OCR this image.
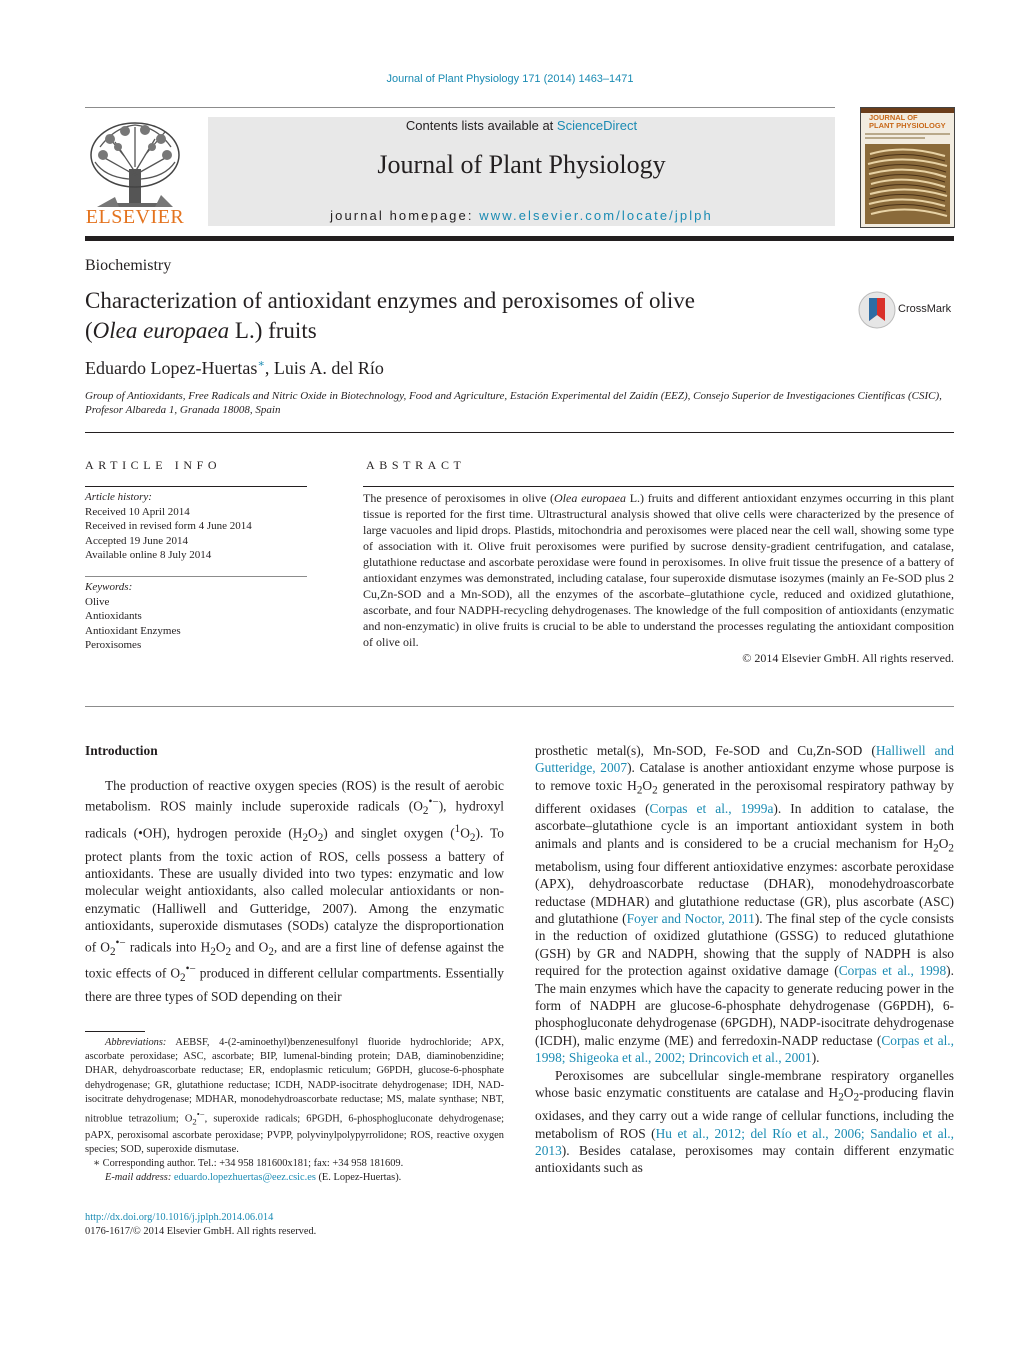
Journal of Plant Physiology 171 (2014) 1463–1471
ELSEVIER
Contents lists available at ScienceDirect
Journal of Plant Physiology
journal homepage: www.elsevier.com/locate/jplph
JOURNAL OF
PLANT PHYSIOLOGY
Biochemistry
Characterization of antioxidant enzymes and peroxisomes of olive
(Olea europaea L.) fruits
CrossMark
Eduardo Lopez-Huertas∗, Luis A. del Río
Group of Antioxidants, Free Radicals and Nitric Oxide in Biotechnology, Food and Agriculture, Estación Experimental del Zaidín (EEZ), Consejo Superior de Investigaciones Científicas (CSIC), Profesor Albareda 1, Granada 18008, Spain
ARTICLE INFO
Article history:
Received 10 April 2014
Received in revised form 4 June 2014
Accepted 19 June 2014
Available online 8 July 2014
Keywords:
Olive
Antioxidants
Antioxidant Enzymes
Peroxisomes
ABSTRACT
The presence of peroxisomes in olive (Olea europaea L.) fruits and different antioxidant enzymes occurring in this plant tissue is reported for the first time. Ultrastructural analysis showed that olive cells were characterized by the presence of large vacuoles and lipid drops. Plastids, mitochondria and peroxisomes were placed near the cell wall, showing some type of association with it. Olive fruit peroxisomes were purified by sucrose density-gradient centrifugation, and catalase, glutathione reductase and ascorbate peroxidase were found in peroxisomes. In olive fruit tissue the presence of a battery of antioxidant enzymes was demonstrated, including catalase, four superoxide dismutase isozymes (mainly an Fe-SOD plus 2 Cu,Zn-SOD and a Mn-SOD), all the enzymes of the ascorbate–glutathione cycle, reduced and oxidized glutathione, ascorbate, and four NADPH-recycling dehydrogenases. The knowledge of the full composition of antioxidants (enzymatic and non-enzymatic) in olive fruits is crucial to be able to understand the processes regulating the antioxidant composition of olive oil.
© 2014 Elsevier GmbH. All rights reserved.
Introduction

The production of reactive oxygen species (ROS) is the result of aerobic metabolism. ROS mainly include superoxide radicals $(O_2^{•-})$, hydroxyl radicals (•OH), hydrogen peroxide $(H_2O_2)$ and singlet oxygen $(^1O_2)$. To protect plants from the toxic action of ROS, cells possess a battery of antioxidants. These are usually divided into two types: enzymatic and low molecular weight antioxidants, also called molecular antioxidants or non-enzymatic (Halliwell and Gutteridge, 2007). Among the enzymatic antioxidants, superoxide dismutases (SODs) catalyze the disproportionation of $O_2^{•-}$ radicals into $H_2O_2$ and $O_2$, and are a first line of defense against the toxic effects of $O_2^{•-}$ produced in different cellular compartments. Essentially there are three types of SOD depending on their

prosthetic metal(s), Mn-SOD, Fe-SOD and Cu,Zn-SOD (Halliwell and Gutteridge, 2007). Catalase is another antioxidant enzyme whose purpose is to remove toxic $H_2O_2$ generated in the peroxisomal respiratory pathway by different oxidases (Corpas et al., 1999a). In addition to catalase, the ascorbate–glutathione cycle is an important antioxidant system in both animals and plants and is considered to be a crucial mechanism for $H_2O_2$ metabolism, using four different antioxidative enzymes: ascorbate peroxidase (APX), dehydroascorbate reductase (DHAR), monodehydroascorbate reductase (MDHAR) and glutathione reductase (GR), plus ascorbate (ASC) and glutathione (Foyer and Noctor, 2011). The final step of the cycle consists in the reduction of oxidized glutathione (GSSG) to reduced glutathione (GSH) by GR and NADPH, showing that the supply of NADPH is also required for the protection against oxidative damage (Corpas et al., 1998). The main enzymes which have the capacity to generate reducing power in the form of NADPH are glucose-6-phosphate dehydrogenase (G6PDH), 6-phosphogluconate dehydrogenase (6PGDH), NADP-isocitrate dehydrogenase (ICDH), malic enzyme (ME) and ferredoxin-NADP reductase (Corpas et al., 1998; Shigeoka et al., 2002; Drincovich et al., 2001).

Peroxisomes are subcellular single-membrane respiratory organelles whose basic enzymatic constituents are catalase and $H_2O_2$-producing flavin oxidases, and they carry out a wide range of cellular functions, including the metabolism of ROS (Hu et al., 2012; del Río et al., 2006; Sandalio et al., 2013). Besides catalase, peroxisomes may contain different enzymatic antioxidants such as

Abbreviations: AEBSF, 4-(2-aminoethyl)benzenesulfonyl fluoride hydrochloride; APX, ascorbate peroxidase; ASC, ascorbate; BIP, lumenal-binding protein; DAB, diaminobenzidine; DHAR, dehydroascorbate reductase; ER, endoplasmic reticulum; G6PDH, glucose-6-phosphate dehydrogenase; GR, glutathione reductase; ICDH, NADP-isocitrate dehydrogenase; IDH, NAD-isocitrate dehydrogenase; MDHAR, monodehydroascorbate reductase; MS, malate synthase; NBT, nitroblue tetrazolium; $O_2^{•-}$, superoxide radicals; 6PGDH, 6-phosphogluconate dehydrogenase; pAPX, peroxisomal ascorbate peroxidase; PVPP, polyvinylpolypyrrolidone; ROS, reactive oxygen species; SOD, superoxide dismutase.
∗ Corresponding author. Tel.: +34 958 181600x181; fax: +34 958 181609.
E-mail address: eduardo.lopezhuertas@eez.csic.es (E. Lopez-Huertas).
http://dx.doi.org/10.1016/j.jplph.2014.06.014
0176-1617/© 2014 Elsevier GmbH. All rights reserved.
